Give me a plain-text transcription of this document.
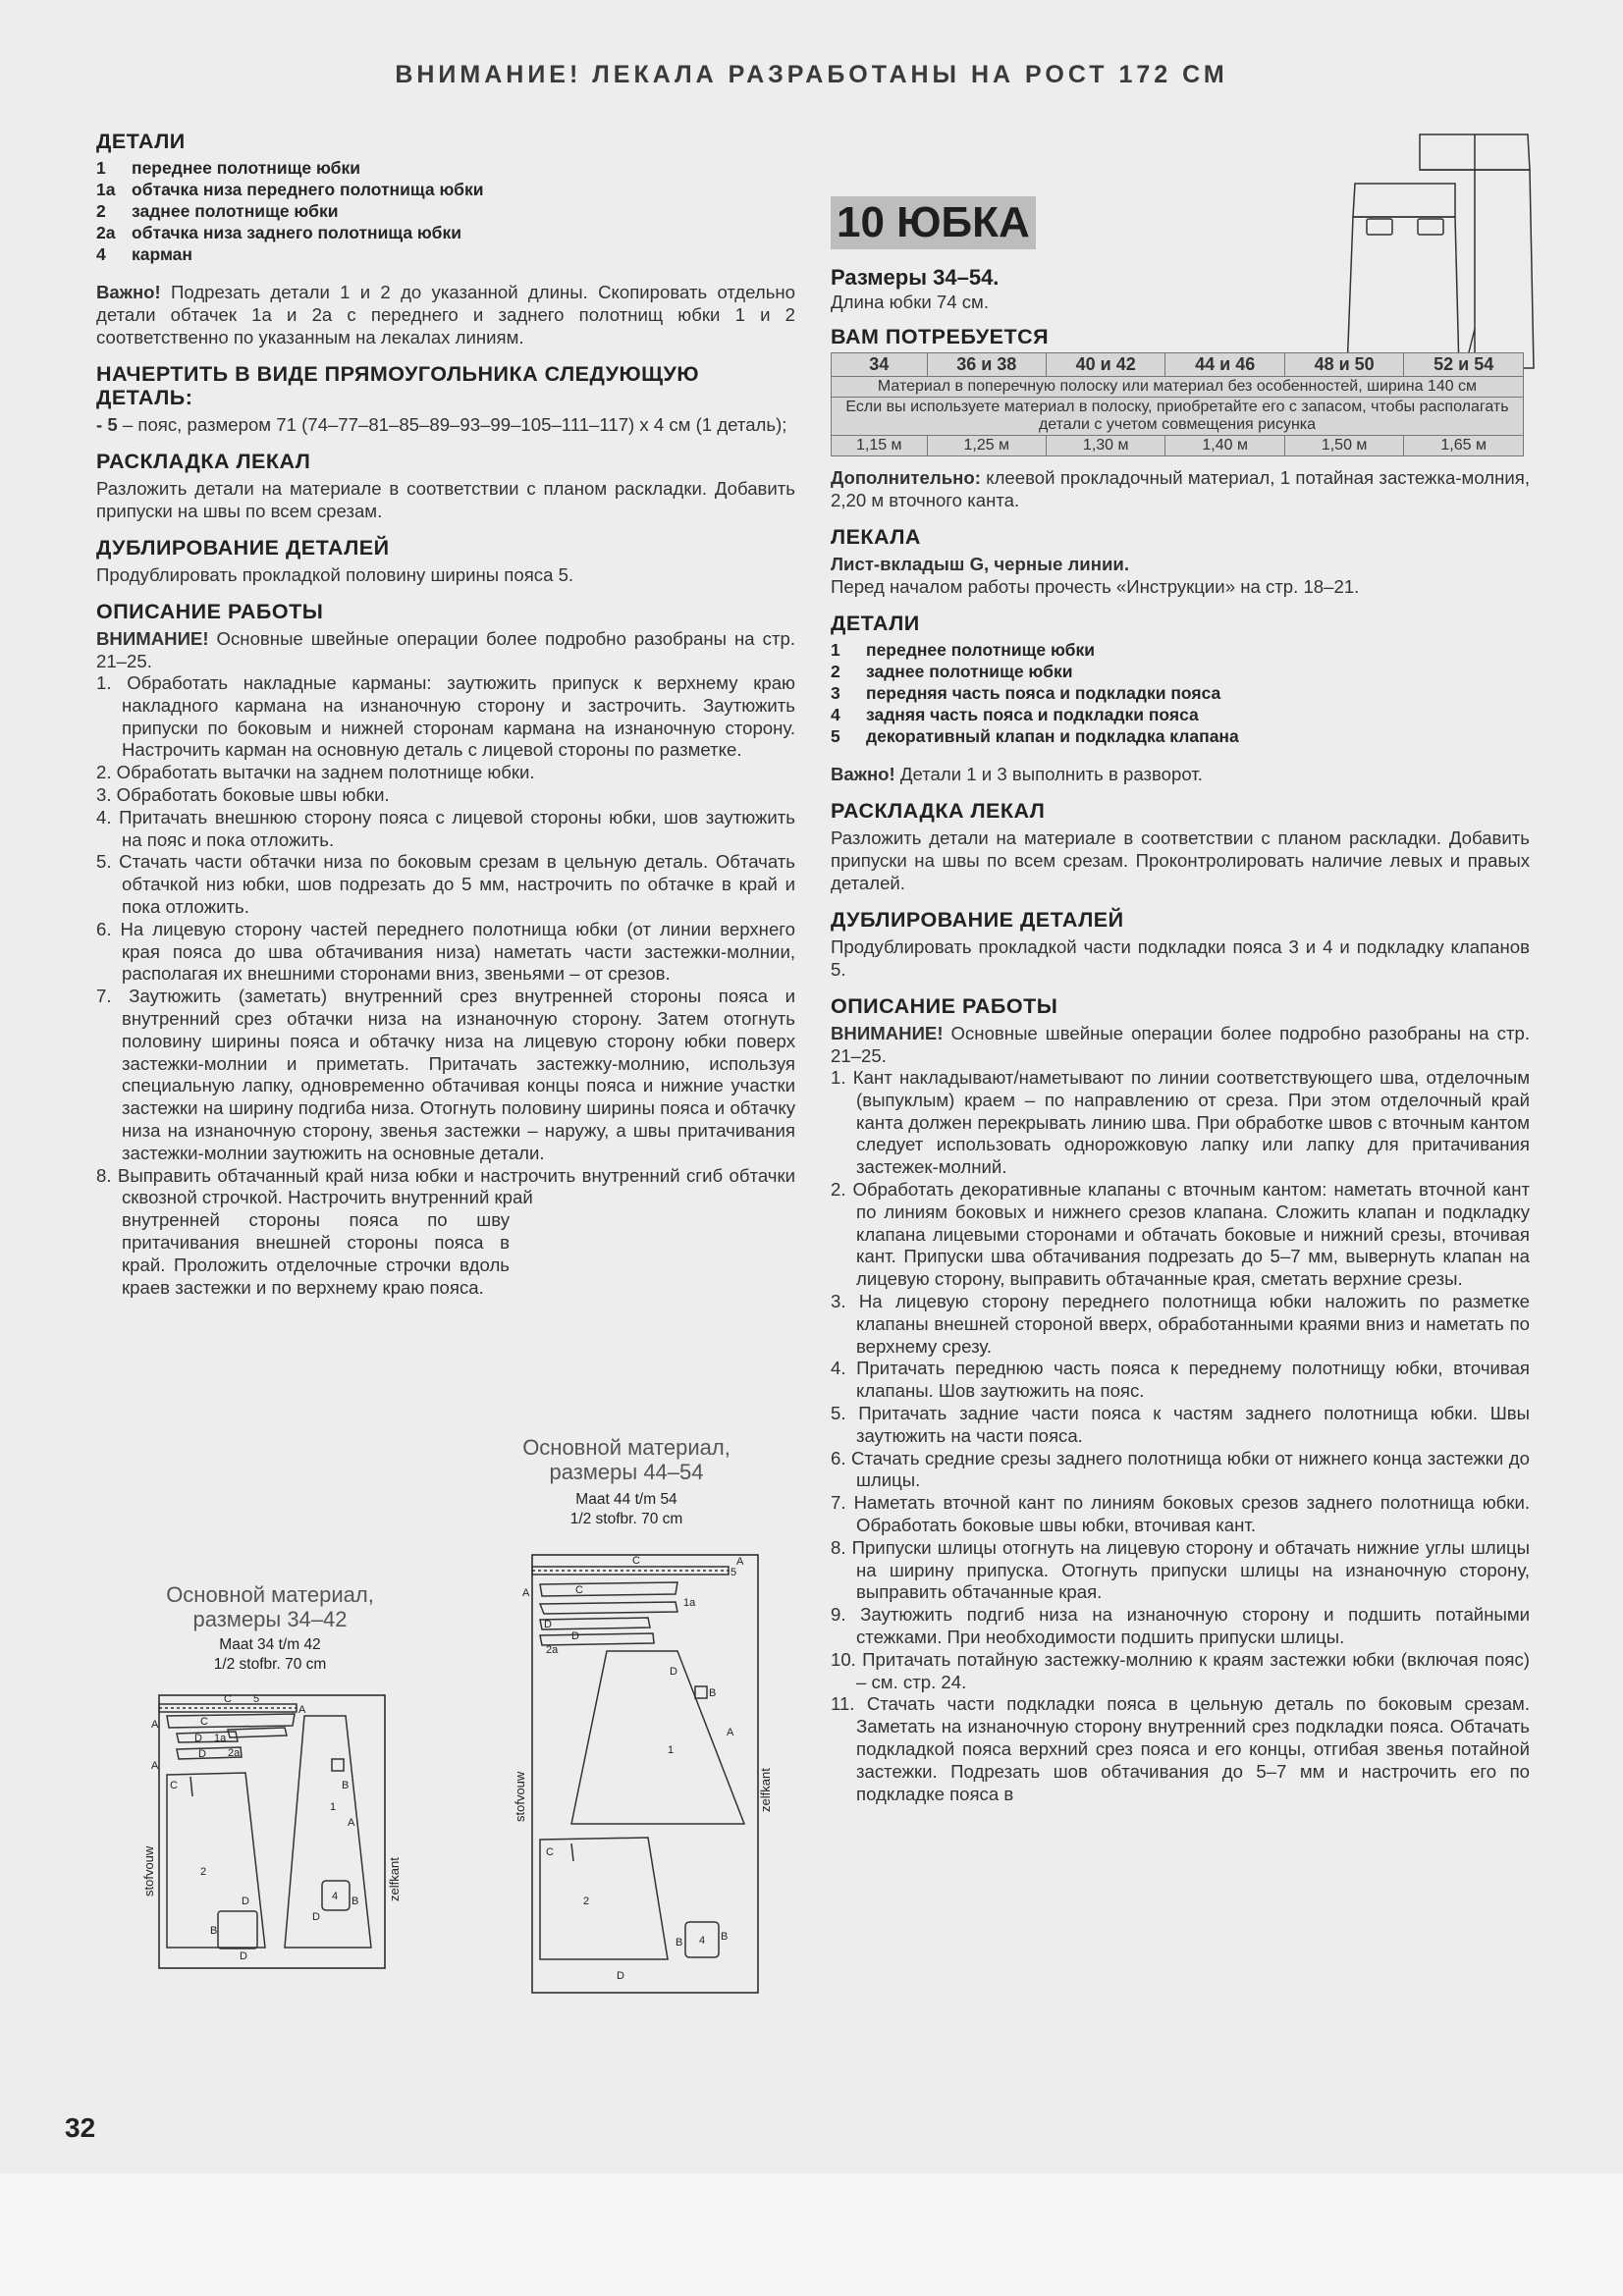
ВНИМАНИЕ! ЛЕКАЛА РАЗРАБОТАНЫ НА РОСТ 172 СМ
ДЕТАЛИ
1 переднее полотнище юбки
1а обтачка низа переднего полотнища юбки
2 заднее полотнище юбки
2а обтачка низа заднего полотнища юбки
4 карман

Важно! Подрезать детали 1 и 2 до указанной длины. Скопировать отдельно детали обтачек 1а и 2а с переднего и заднего полотнищ юбки 1 и 2 соответственно по указанным на лекалах линиям.

НАЧЕРТИТЬ В ВИДЕ ПРЯМОУГОЛЬНИКА СЛЕДУЮЩУЮ ДЕТАЛЬ:

- 5 – пояс, размером 71 (74–77–81–85–89–93–99–105–111–117) х 4 см (1 деталь);

РАСКЛАДКА ЛЕКАЛ

Разложить детали на материале в соответствии с планом раскладки. Добавить припуски на швы по всем срезам.

ДУБЛИРОВАНИЕ ДЕТАЛЕЙ

Продублировать прокладкой половину ширины пояса 5.

ОПИСАНИЕ РАБОТЫ

ВНИМАНИЕ! Основные швейные операции более подробно разобраны на стр. 21–25.

1. Обработать накладные карманы: заутюжить припуск к верхнему краю накладного кармана на изнаночную сторону и застрочить. Заутюжить припуски по боковым и нижней сторонам кармана на изнаночную сторону. Настрочить карман на основную деталь с лицевой стороны по разметке.
2. Обработать вытачки на заднем полотнище юбки.
3. Обработать боковые швы юбки.
4. Притачать внешнюю сторону пояса с лицевой стороны юбки, шов заутюжить на пояс и пока отложить.
5. Стачать части обтачки низа по боковым срезам в цельную деталь. Обтачать обтачкой низ юбки, шов подрезать до 5 мм, настрочить по обтачке в край и пока отложить.
6. На лицевую сторону частей переднего полотнища юбки (от линии верхнего края пояса до шва обтачивания низа) наметать части застежки-молнии, располагая их внешними сторонами вниз, звеньями – от срезов.
7. Заутюжить (заметать) внутренний срез внутренней стороны пояса и внутренний срез обтачки низа на изнаночную сторону. Затем отогнуть половину ширины пояса и обтачку низа на лицевую сторону юбки поверх застежки-молнии и приметать. Притачать застежку-молнию, используя специальную лапку, одновременно обтачивая концы пояса и нижние участки застежки на ширину подгиба низа. Отогнуть половину ширины пояса и обтачку низа на изнаночную сторону, звенья застежки – наружу, а швы притачивания застежки-молнии заутюжить на основные детали.
8. Выправить обтачанный край низа юбки и настрочить внутренний сгиб обтачки сквозной строчкой. Настрочить внутренний край
внутренней стороны пояса по шву притачивания внешней стороны пояса в край. Проложить отделочные строчки вдоль краев застежки и по верхнему краю пояса.
Основной материал,
размеры 44–54
Maat 44 t/m 54
1/2 stofbr. 70 cm
Основной материал,
размеры 34–42
Maat 34 t/m 42
1/2 stofbr. 70 cm
C 5
A
A	C
D 1a
D 2a
A
C	B
1
A
2
D
4 B
B
D
D
stofvouw	zelfkant
C
5
A
A	C
1a
D
D
2a
D
B
A
1
C
2
4
B	B
D
stofvouw	zelfkant
10 ЮБКА
Размеры 34–54.

Длина юбки 74 см.

ВАМ ПОТРЕБУЕТСЯ
34	36 и 38	40 и 42	44 и 46	48 и 50	52 и 54
Материал в поперечную полоску или материал без особенностей, ширина 140 см					
Если вы используете материал в полоску, приобретайте его с запасом, чтобы располагать детали с учетом совмещения рисунка					
1,15 м	1,25 м	1,30 м	1,40 м	1,50 м	1,65 м

Дополнительно: клеевой прокладочный материал, 1 потайная застежка-молния, 2,20 м вточного канта.

ЛЕКАЛА

Лист-вкладыш G, черные линии.

Перед началом работы прочесть «Инструкции» на стр. 18–21.

ДЕТАЛИ
1 переднее полотнище юбки
2 заднее полотнище юбки
3 передняя часть пояса и подкладки пояса
4 задняя часть пояса и подкладки пояса
5 декоративный клапан и подкладка клапана

Важно! Детали 1 и 3 выполнить в разворот.

РАСКЛАДКА ЛЕКАЛ

Разложить детали на материале в соответствии с планом раскладки. Добавить припуски на швы по всем срезам. Проконтролировать наличие левых и правых деталей.

ДУБЛИРОВАНИЕ ДЕТАЛЕЙ

Продублировать прокладкой части подкладки пояса 3 и 4 и подкладку клапанов 5.

ОПИСАНИЕ РАБОТЫ

ВНИМАНИЕ! Основные швейные операции более подробно разобраны на стр. 21–25.

1. Кант накладывают/наметывают по линии соответствующего шва, отделочным (выпуклым) краем – по направлению от среза. При этом отделочный край канта должен перекрывать линию шва. При обработке швов с вточным кантом следует использовать однорожковую лапку или лапку для притачивания застежек-молний.
2. Обработать декоративные клапаны с вточным кантом: наметать вточной кант по линиям боковых и нижнего срезов клапана. Сложить клапан и подкладку клапана лицевыми сторонами и обтачать боковые и нижний срезы, вточивая кант. Припуски шва обтачивания подрезать до 5–7 мм, вывернуть клапан на лицевую сторону, выправить обтачанные края, сметать верхние срезы.
3. На лицевую сторону переднего полотнища юбки наложить по разметке клапаны внешней стороной вверх, обработанными краями вниз и наметать по верхнему срезу.
4. Притачать переднюю часть пояса к переднему полотнищу юбки, вточивая клапаны. Шов заутюжить на пояс.
5. Притачать задние части пояса к частям заднего полотнища юбки. Швы заутюжить на части пояса.
6. Стачать средние срезы заднего полотнища юбки от нижнего конца застежки до шлицы.
7. Наметать вточной кант по линиям боковых срезов заднего полотнища юбки. Обработать боковые швы юбки, вточивая кант.
8. Припуски шлицы отогнуть на лицевую сторону и обтачать нижние углы шлицы на ширину припуска. Отогнуть припуски шлицы на изнаночную сторону, выправить обтачанные края.
9. Заутюжить подгиб низа на изнаночную сторону и подшить потайными стежками. При необходимости подшить припуски шлицы.
10. Притачать потайную застежку-молнию к краям застежки юбки (включая пояс) – см. стр. 24.
11. Стачать части подкладки пояса в цельную деталь по боковым срезам. Заметать на изнаночную сторону внутренний срез подкладки пояса. Обтачать подкладкой пояса верхний срез пояса и его концы, отгибая звенья потайной застежки. Подрезать шов обтачивания до 5–7 мм и настрочить его по подкладке пояса в
32
